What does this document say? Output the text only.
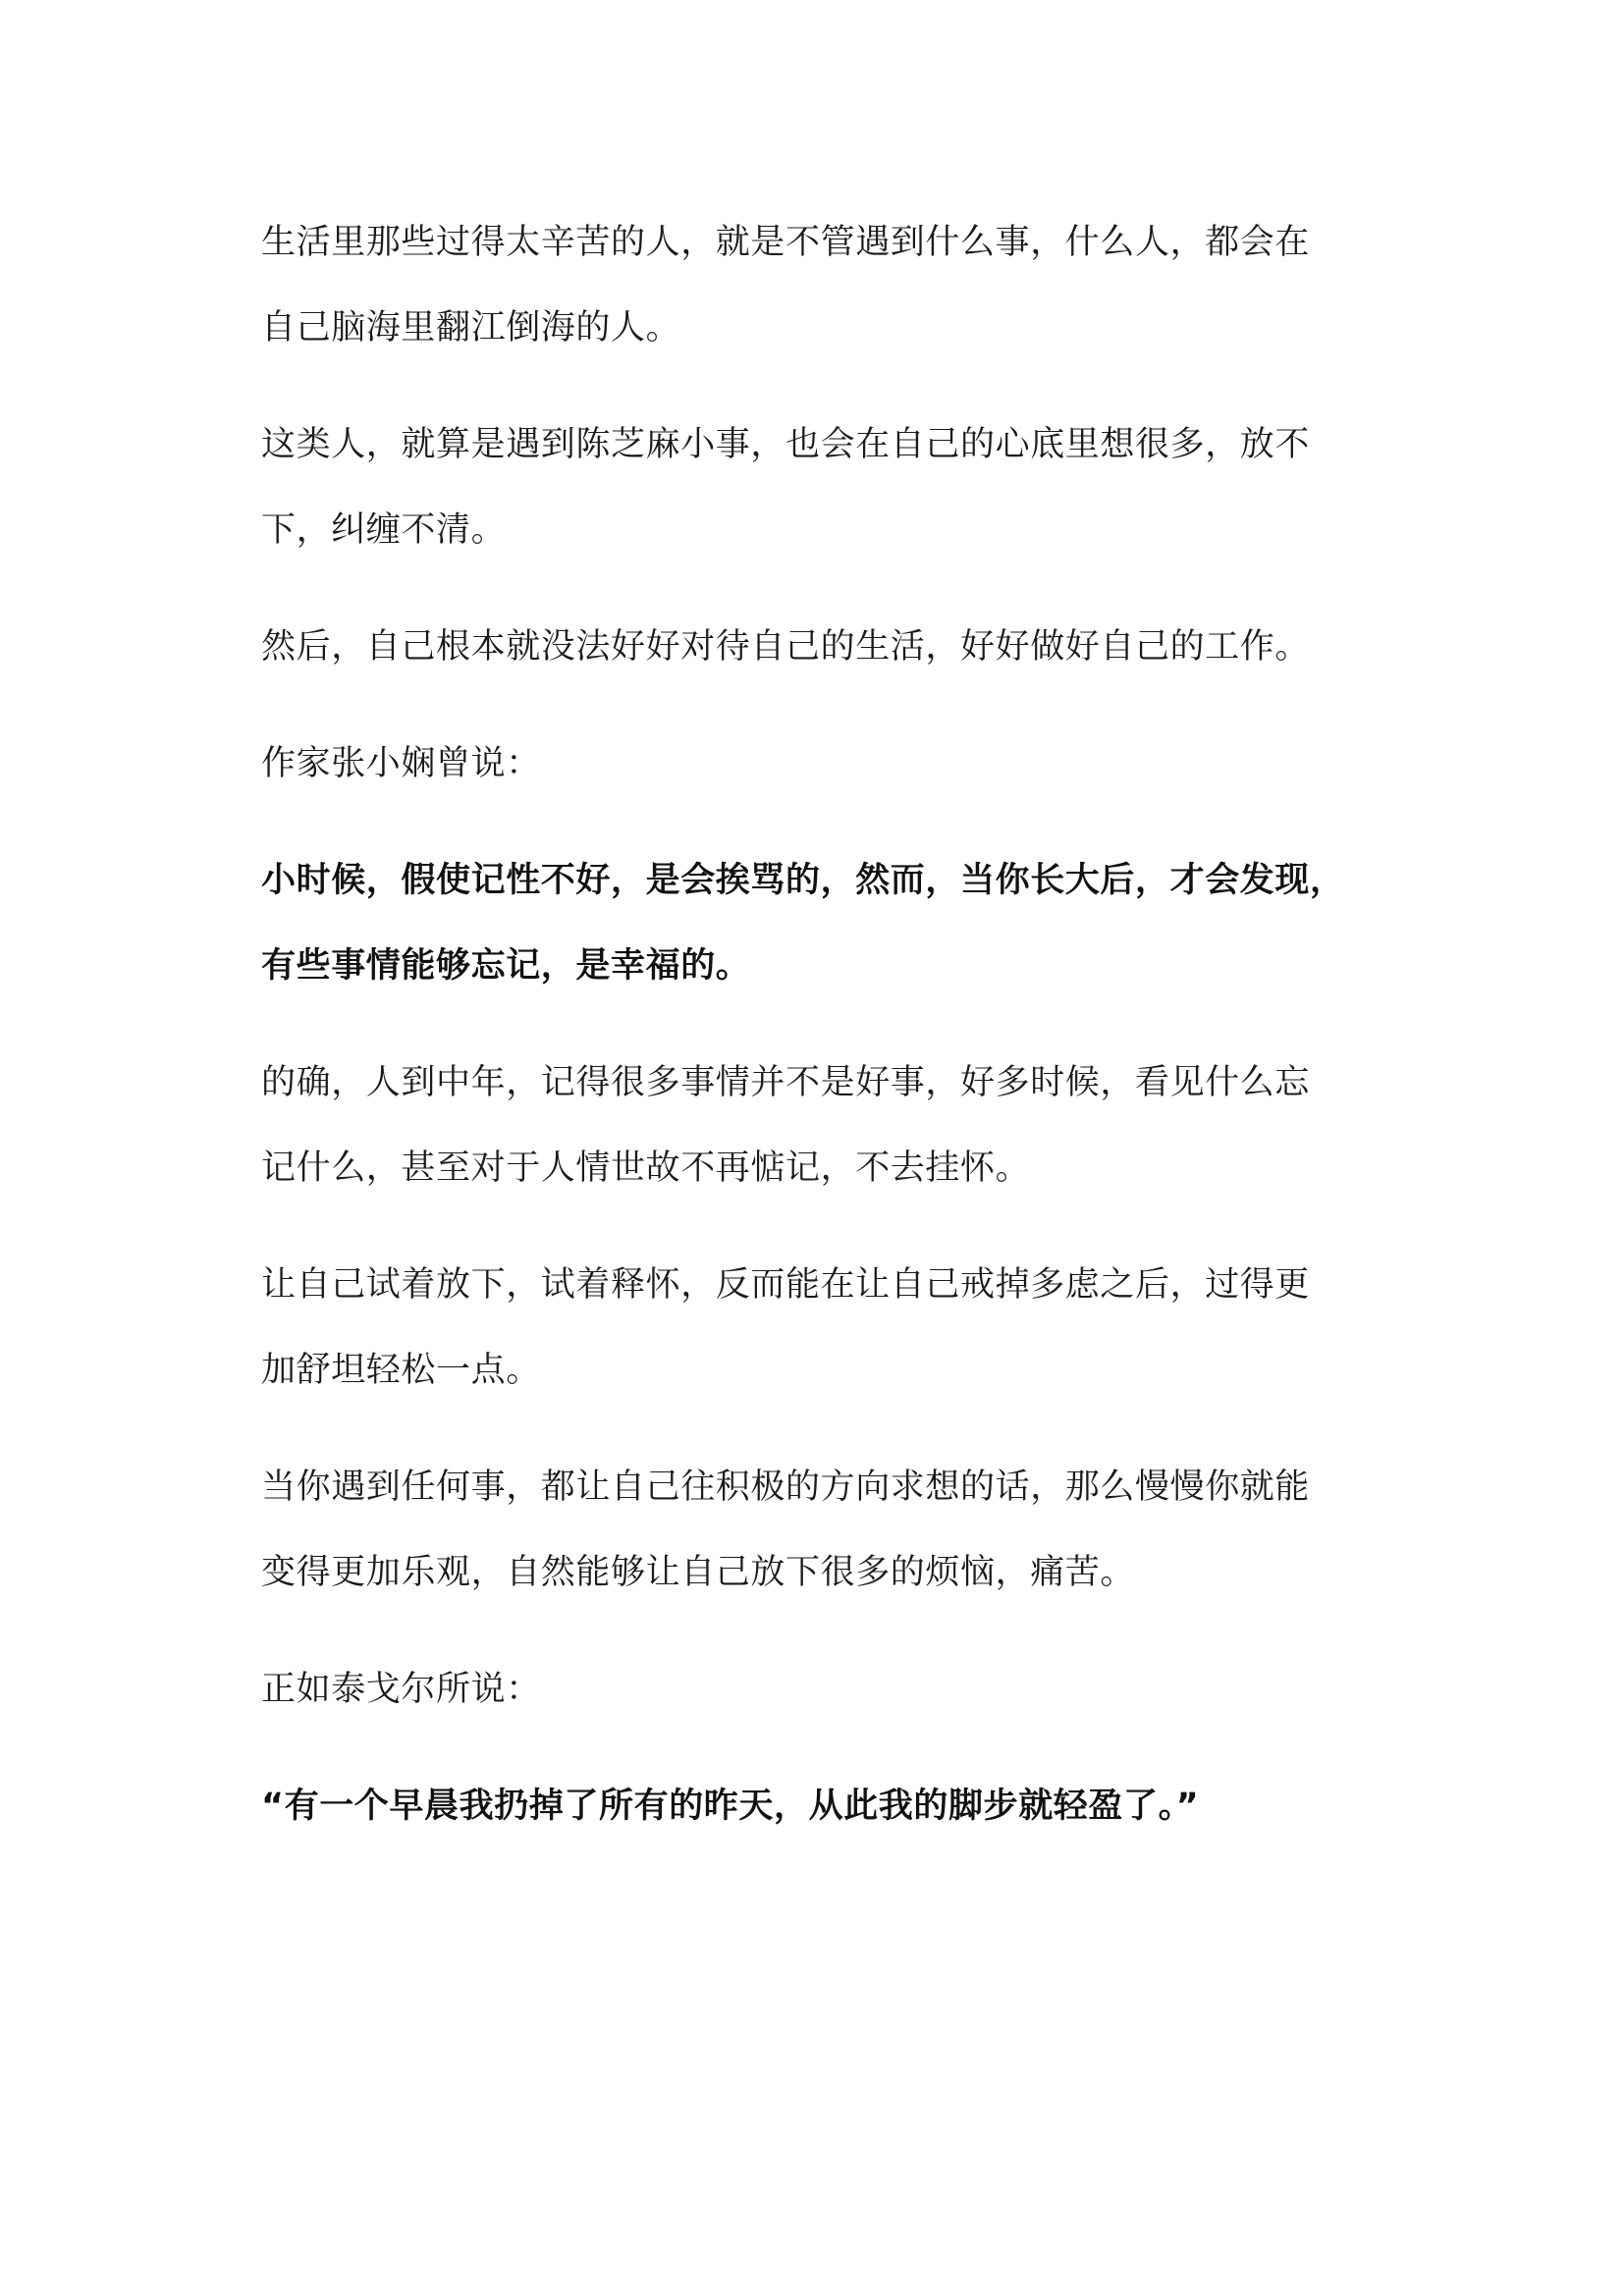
生活里那些过得太辛苦的人，就是不管遇到什么事，什么人，都会在
自己脑海里翻江倒海的人。
这类人，就算是遇到陈芝麻小事，也会在自己的心底里想很多，放不
下，纠缠不清。
然后，自己根本就没法好好对待自己的生活，好好做好自己的工作。
作家张小娴曾说：
小时候，假使记性不好，是会挨骂的，然而，当你长大后，才会发现，
有些事情能够忘记，是幸福的。
的确，人到中年，记得很多事情并不是好事，好多时候，看见什么忘
记什么，甚至对于人情世故不再惦记，不去挂怀。
让自己试着放下，试着释怀，反而能在让自己戒掉多虑之后，过得更
加舒坦轻松一点。
当你遇到任何事，都让自己往积极的方向求想的话，那么慢慢你就能
变得更加乐观，自然能够让自己放下很多的烦恼，痛苦。
正如泰戈尔所说：
“有一个早晨我扔掉了所有的昨天，从此我的脚步就轻盈了。”
